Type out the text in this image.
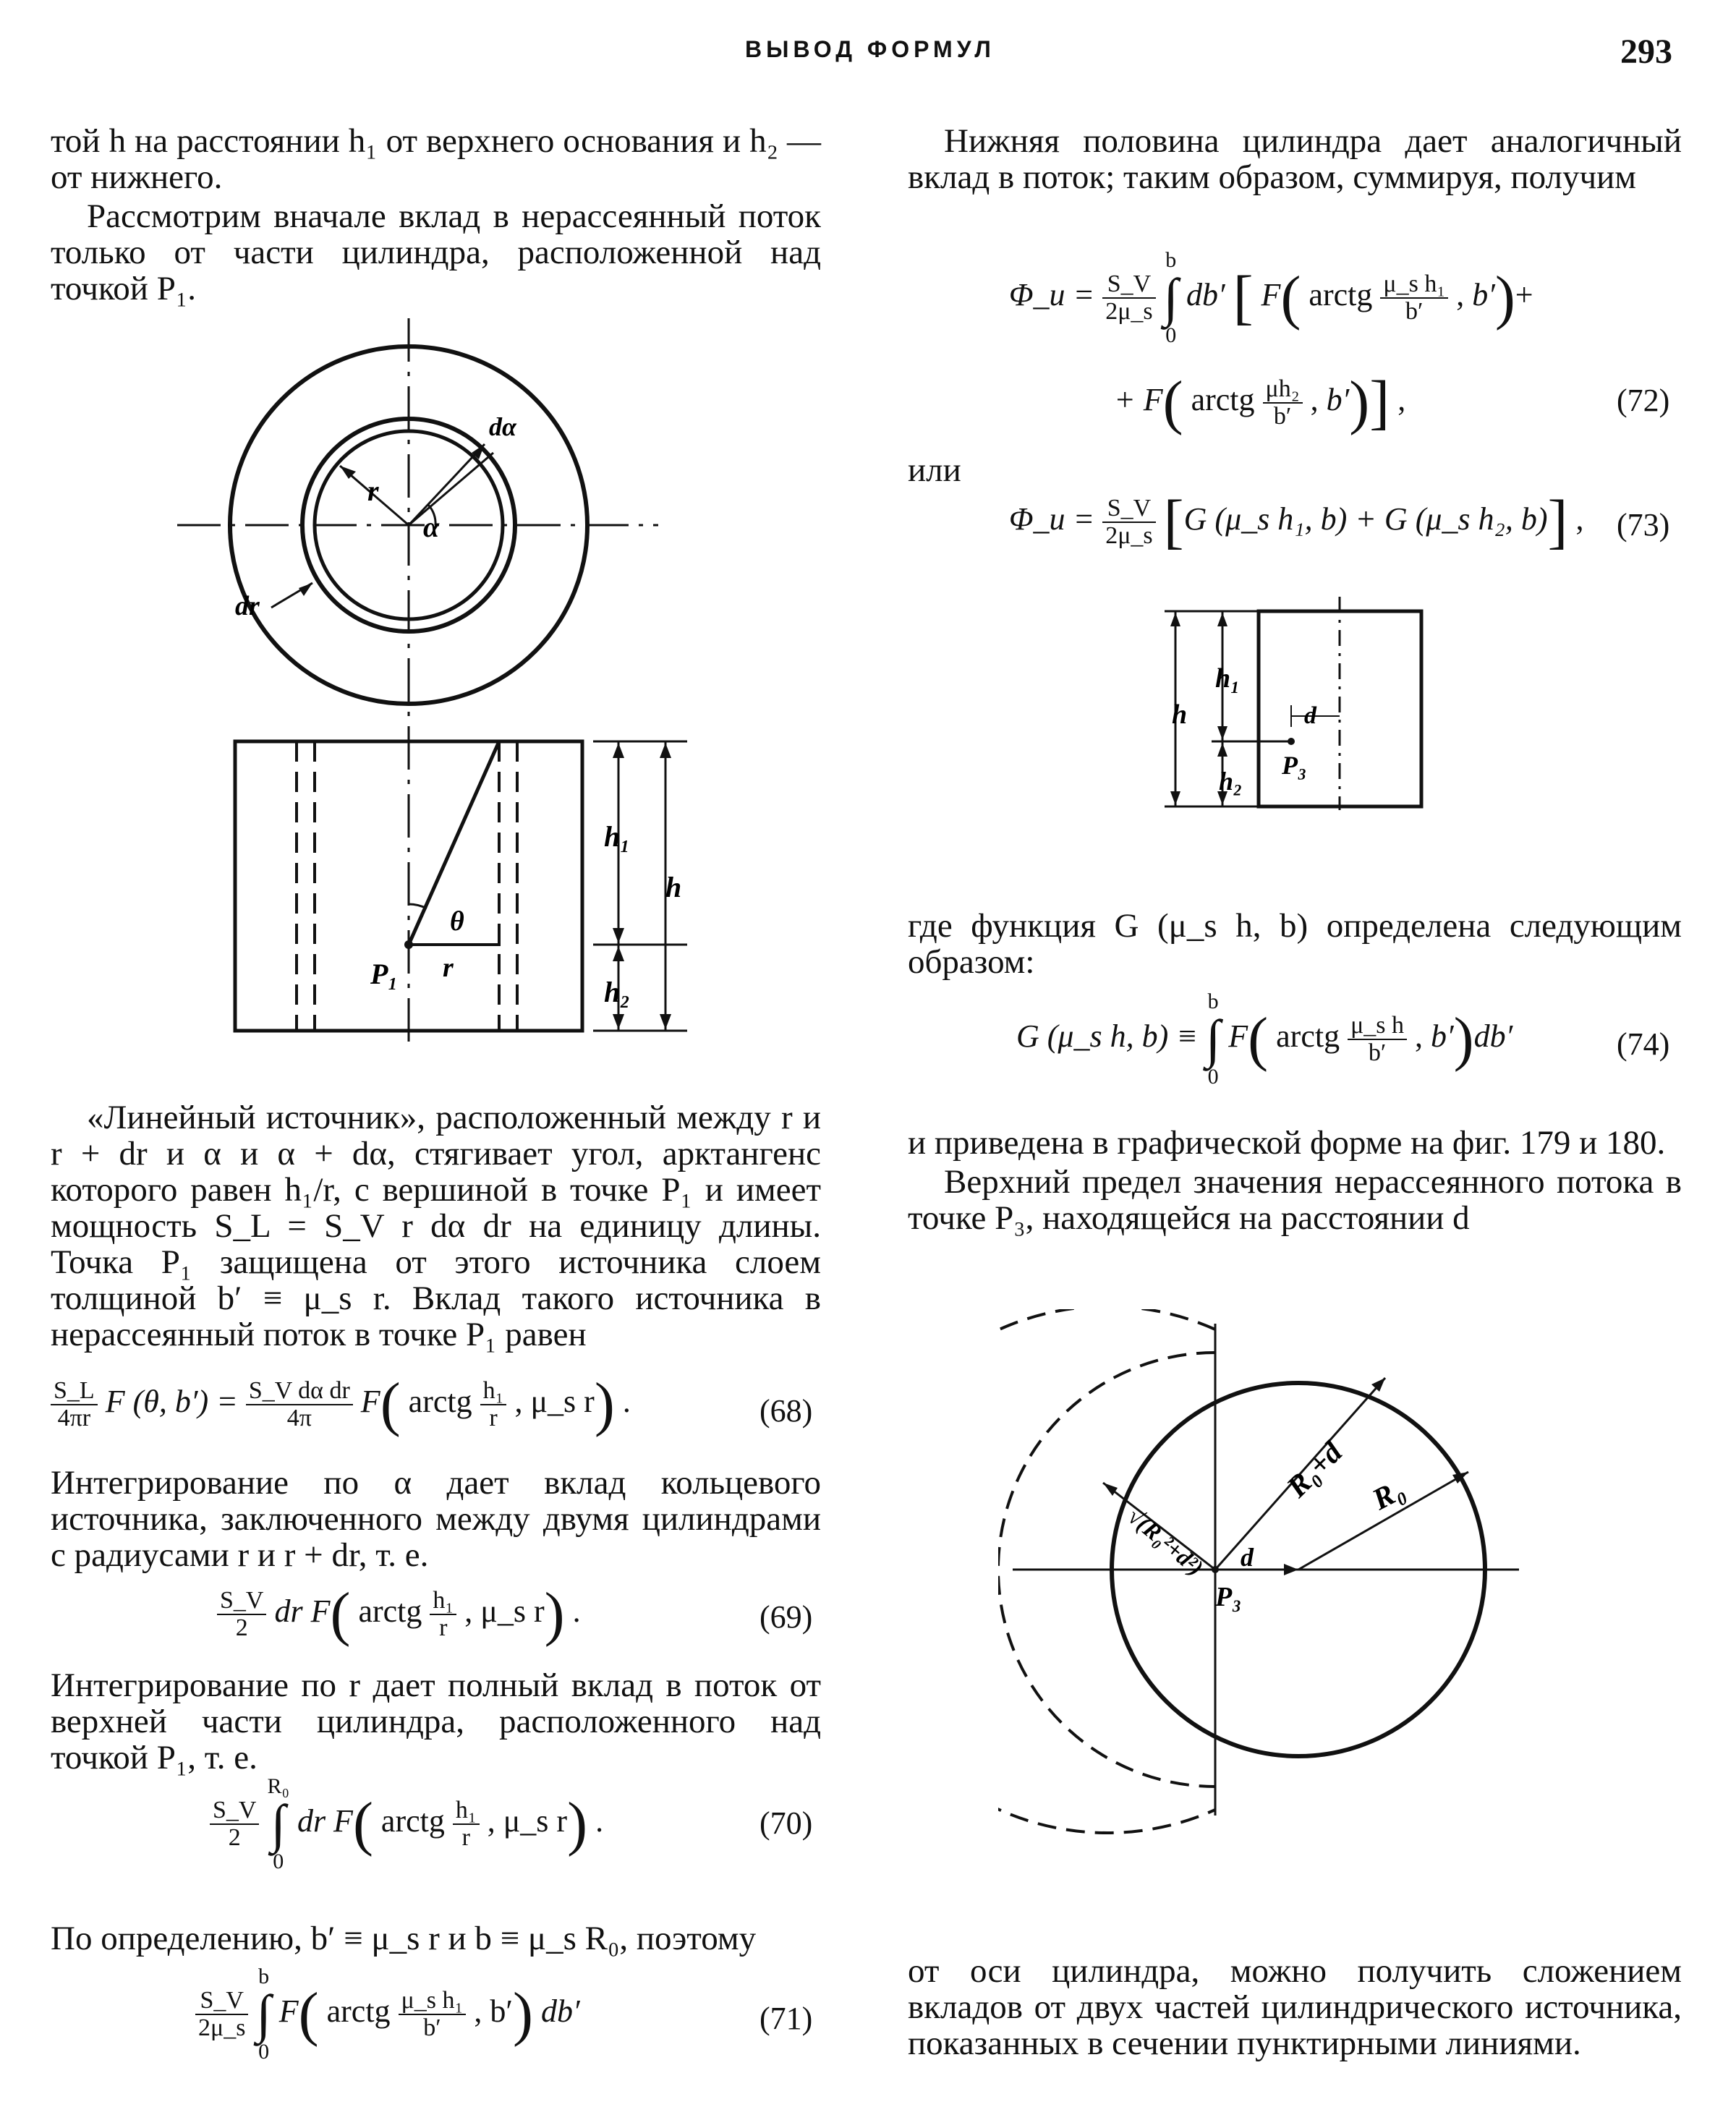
ВЫВОД ФОРМУЛ	293

той h на расстоянии h₁ от верхнего основания и h₂ — от нижнего.

Рассмотрим вначале вклад в нерассеянный поток только от части цилиндра, расположенной над точкой P₁.

r
dα
α
dr
h₁
h
h₂
θ
r
P₁

«Линейный источник», расположенный между r и r + dr и α и α + dα, стягивает угол, арктангенс которого равен h₁/r, с вершиной в точке P₁ и имеет мощность S_L = S_V r dα dr на единицу длины. Точка P₁ защищена от этого источника слоем толщиной b′ ≡ μ_s r. Вклад такого источника в нерассеянный поток в точке P₁ равен

$\frac{S\_L}{4\pi r}$ F (θ, $b') = \frac{\text{S\_V dα dr}}{4\pi} F$( arctg $\frac{\text{h₁}}{r}$ , μ_s r) .	(68)

Интегрирование по α дает вклад кольцевого источника, заключенного между двумя цилиндрами с радиусами r и r + dr, т. е.

$\frac{S\_V}{2}$ dr F( arctg $\frac{\text{h₁}}{r}$ , μ_s r) .	(69)

Интегрирование по r дает полный вклад в поток от верхней части цилиндра, расположенного над точкой P₁, т. е.

$\frac{S\_V}{2}$
R₀
∫
0 dr F( arctg $\frac{\text{h₁}}{r}$ , μ_s r) .	(70)

По определению, b′ ≡ μ_s r и b ≡ μ_s R₀, поэтому

$\frac{S\_V}{2\mu\_s}$
b
∫
0 F( arctg $\frac{\text{μ\_s h₁}}{b'}$ , b′) db′	(71)

Нижняя половина цилиндра дает аналогичный вклад в поток; таким образом, суммируя, получим

Φ_u = $\frac{S\_V}{2\mu\_s}$
b
∫
0 db′ [ F( arctg $\frac{\text{μ\_s h₁}}{b'}$ , b′)+
+ F( arctg $\frac{\text{μh₂}}{b'}$ , b′)] ,	(72)
или
Φ_u = $\frac{S\_V}{2\mu\_s} [G$ (μ_s h₁, b) + G (μ_s h₂, b)] , (73)
h₁
h	d
h₂
P₃

где функция G (μ_s h, b) определена следующим образом:

G (μ_s h, b) ≡ b
∫
0 F( arctg $\frac{\text{μ\_s h}}{b'}$ , b′)db′	(74)

и приведена в графической форме на фиг. 179 и 180.

Верхний предел значения нерассеянного потока в точке P₃, находящейся на расстоянии d

R₀+d R₀
√(R₀²+d²) d
P₃

от оси цилиндра, можно получить сложением вкладов от двух частей цилиндрического источника, показанных в сечении пунктирными линиями.
